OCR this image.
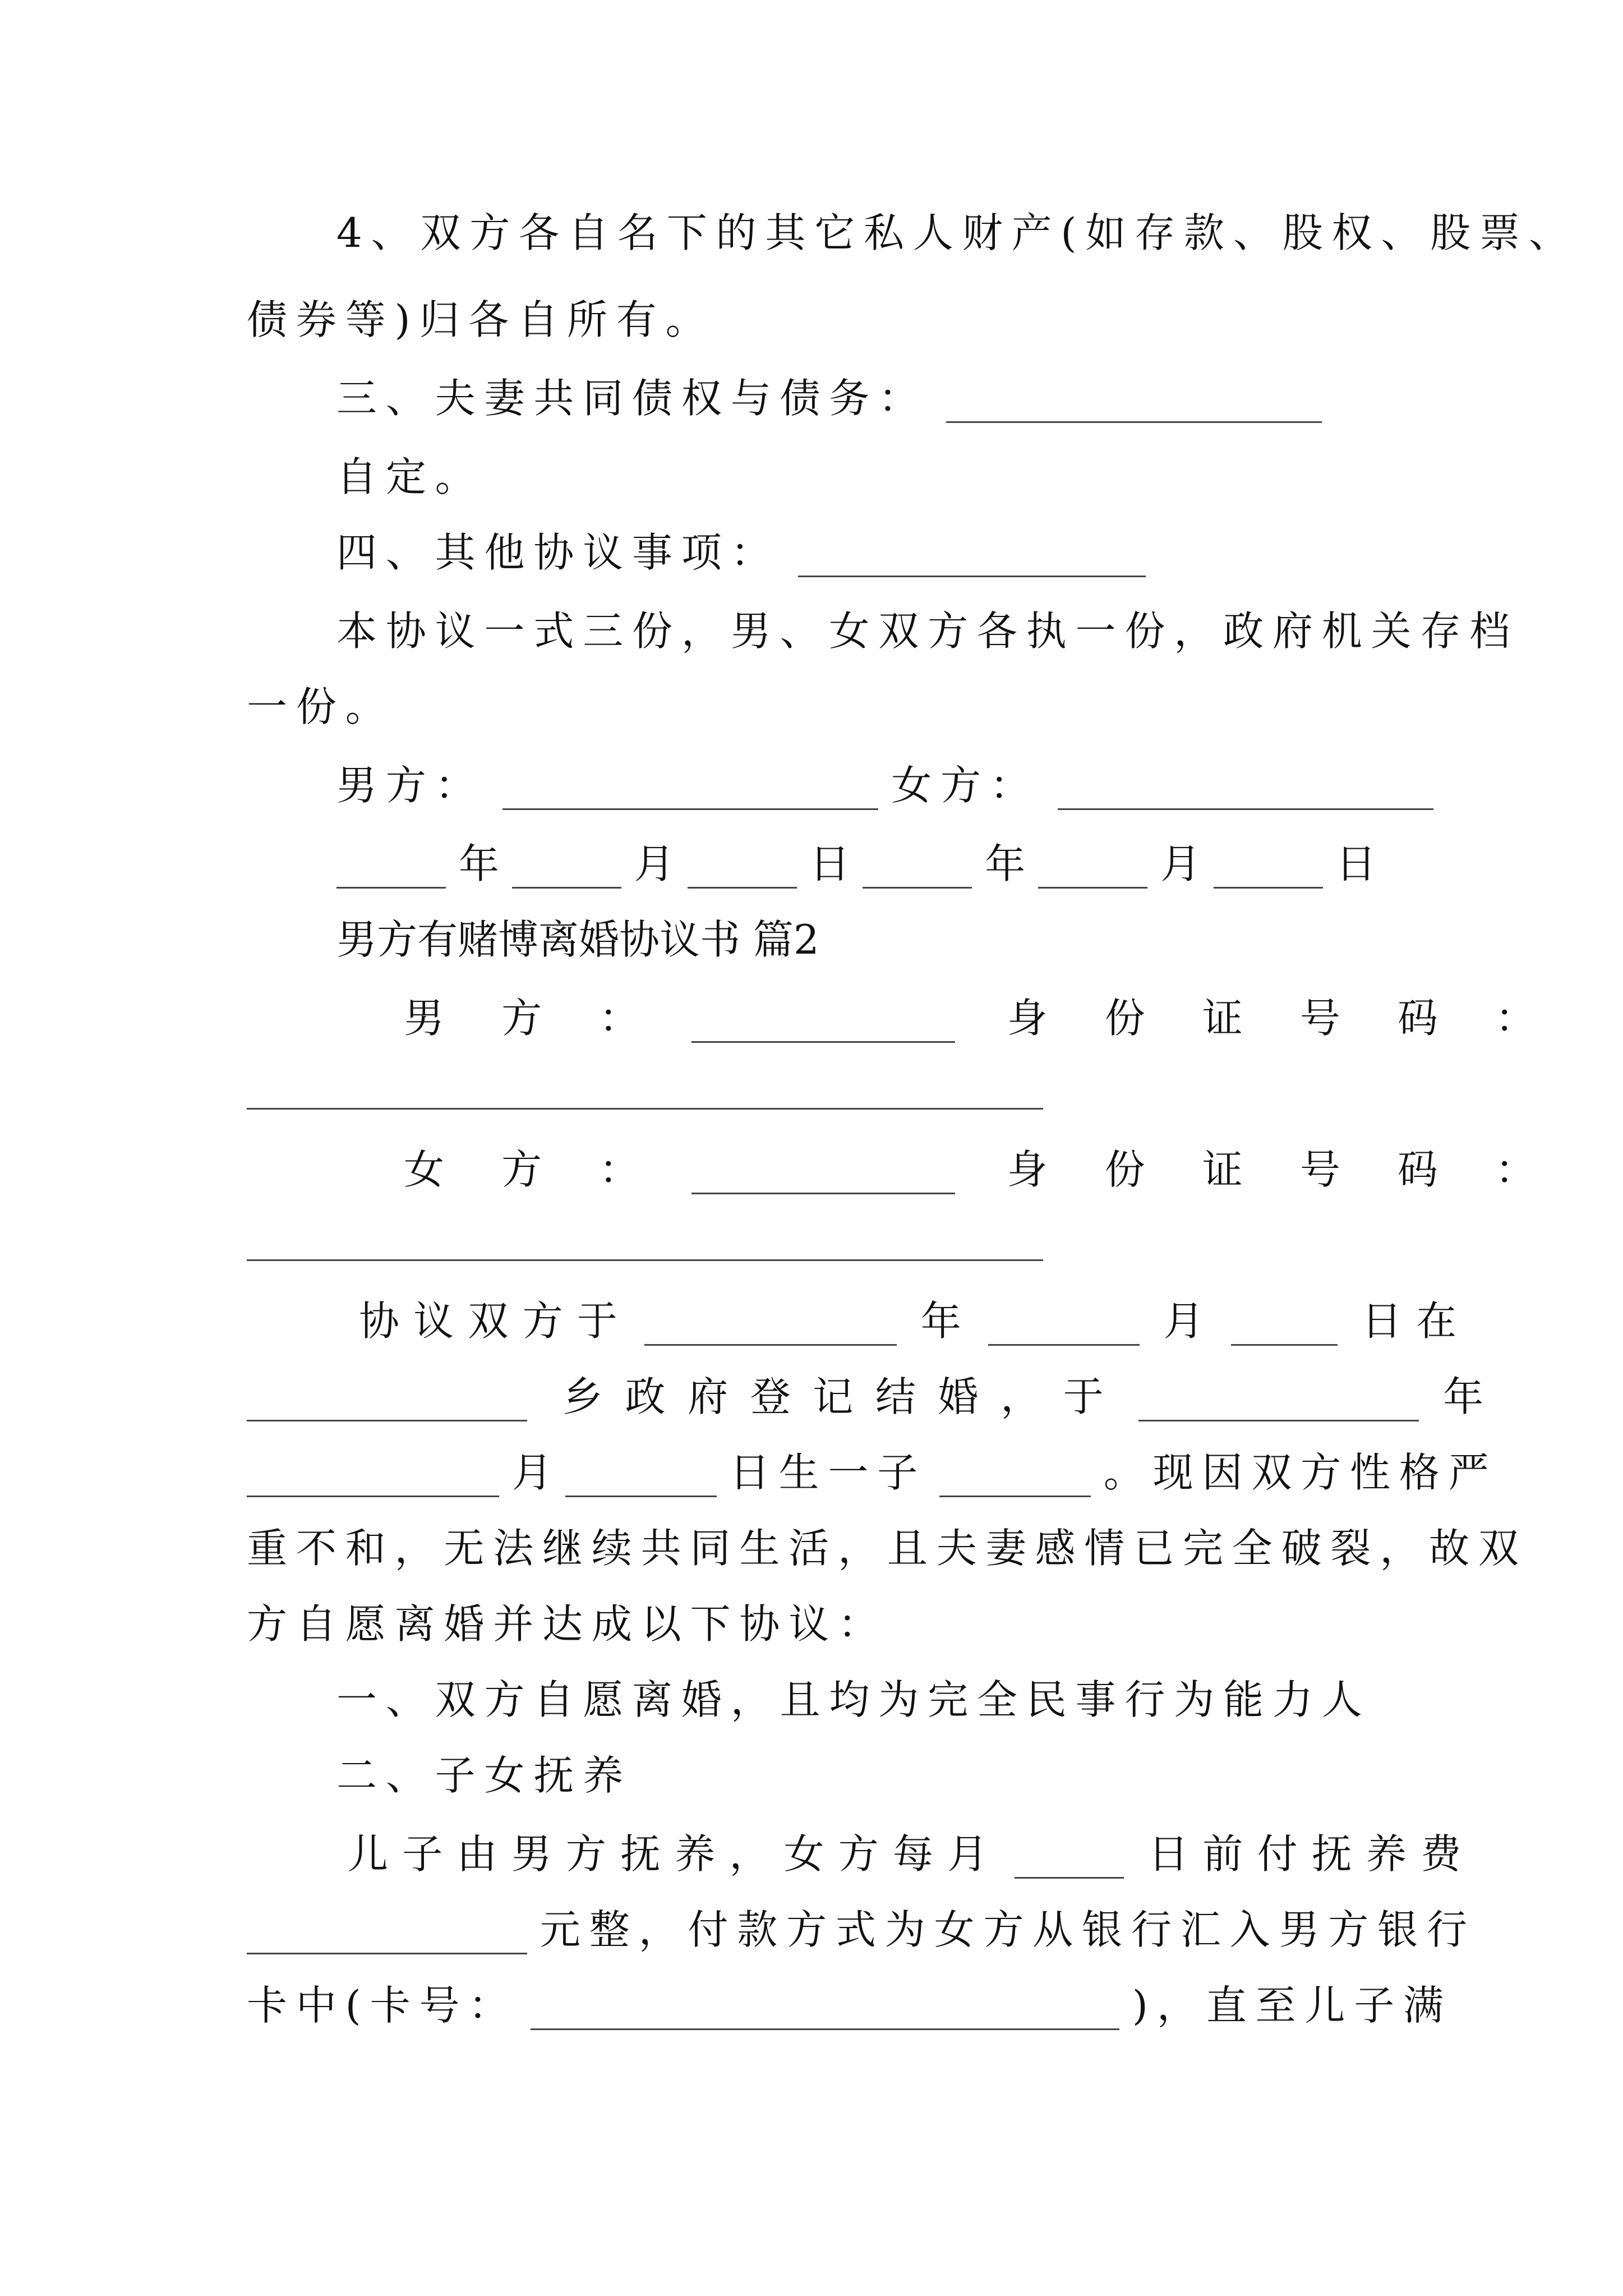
4、双方各自名下的其它私人财产(如存款、股权、股票、
债券等)归各自所有。
三、夫妻共同债权与债务：
自定。
四、其他协议事项：
本协议一式三份，男、女双方各执一份，政府机关存档
一份。
男方：	女方：
年	月	日	年	月	日
男方有赌博离婚协议书 篇2
男 方 ：	身 份 证 号 码 ：
女 方 ：	身 份 证 号 码 ：
协议双方于	年	月	日在
乡政府登记结婚，于	年
月	日生一子	。现因双方性格严
重不和，无法继续共同生活，且夫妻感情已完全破裂，故双
方自愿离婚并达成以下协议：
一、双方自愿离婚，且均为完全民事行为能力人
二、子女抚养
儿子由男方抚养，女方每月	日前付抚养费
元整，付款方式为女方从银行汇入男方银行
卡中(卡号：	)，直至儿子满
